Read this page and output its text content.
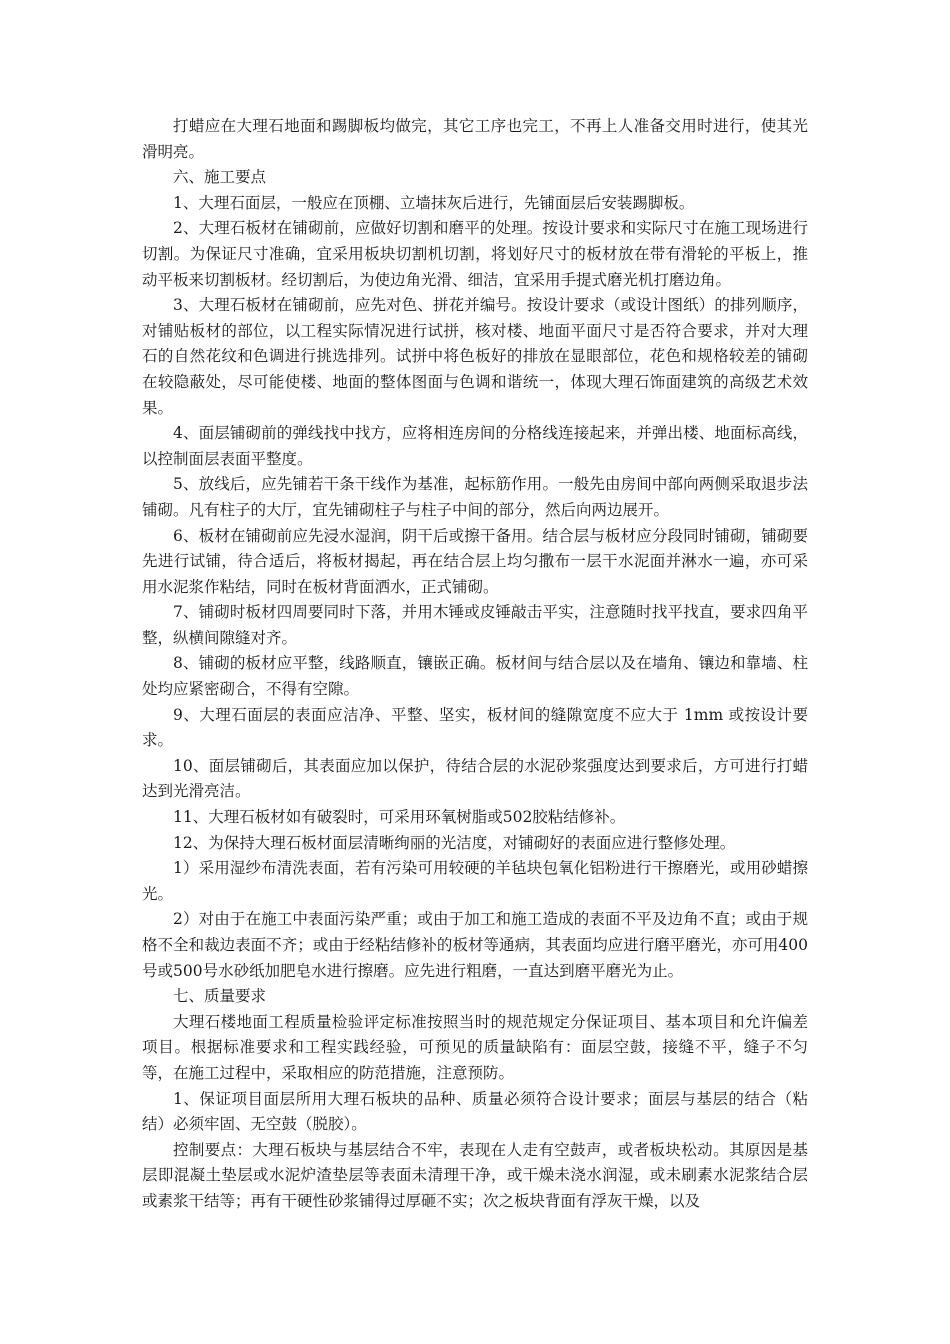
打蜡应在大理石地面和踢脚板均做完，其它工序也完工，不再上人准备交用时进行，使其光滑明亮。

六、施工要点

1、大理石面层，一般应在顶棚、立墙抹灰后进行，先铺面层后安装踢脚板。

2、大理石板材在铺砌前，应做好切割和磨平的处理。按设计要求和实际尺寸在施工现场进行切割。为保证尺寸准确，宜采用板块切割机切割，将划好尺寸的板材放在带有滑轮的平板上，推动平板来切割板材。经切割后，为使边角光滑、细洁，宜采用手提式磨光机打磨边角。

3、大理石板材在铺砌前，应先对色、拼花并编号。按设计要求（或设计图纸）的排列顺序，对铺贴板材的部位，以工程实际情况进行试拼，核对楼、地面平面尺寸是否符合要求，并对大理石的自然花纹和色调进行挑选排列。试拼中将色板好的排放在显眼部位，花色和规格较差的铺砌在较隐蔽处，尽可能使楼、地面的整体图面与色调和谐统一，体现大理石饰面建筑的高级艺术效果。

4、面层铺砌前的弹线找中找方，应将相连房间的分格线连接起来，并弹出楼、地面标高线，以控制面层表面平整度。

5、放线后，应先铺若干条干线作为基准，起标筋作用。一般先由房间中部向两侧采取退步法铺砌。凡有柱子的大厅，宜先铺砌柱子与柱子中间的部分，然后向两边展开。

6、板材在铺砌前应先浸水湿润，阴干后或擦干备用。结合层与板材应分段同时铺砌，铺砌要先进行试铺，待合适后，将板材揭起，再在结合层上均匀撒布一层干水泥面并淋水一遍，亦可采用水泥浆作粘结，同时在板材背面洒水，正式铺砌。

7、铺砌时板材四周要同时下落，并用木锤或皮锤敲击平实，注意随时找平找直，要求四角平整，纵横间隙缝对齐。

8、铺砌的板材应平整，线路顺直，镶嵌正确。板材间与结合层以及在墙角、镶边和靠墙、柱处均应紧密砌合，不得有空隙。

9、大理石面层的表面应洁净、平整、坚实，板材间的缝隙宽度不应大于 1mm 或按设计要求。

10、面层铺砌后，其表面应加以保护，待结合层的水泥砂浆强度达到要求后，方可进行打蜡达到光滑亮洁。

11、大理石板材如有破裂时，可采用环氧树脂或502胶粘结修补。

12、为保持大理石板材面层清晰绚丽的光洁度，对铺砌好的表面应进行整修处理。

1）采用湿纱布清洗表面，若有污染可用较硬的羊毡块包氧化铝粉进行干擦磨光，或用砂蜡擦光。

2）对由于在施工中表面污染严重；或由于加工和施工造成的表面不平及边角不直；或由于规格不全和裁边表面不齐；或由于经粘结修补的板材等通病，其表面均应进行磨平磨光，亦可用400号或500号水砂纸加肥皂水进行擦磨。应先进行粗磨，一直达到磨平磨光为止。

七、质量要求

大理石楼地面工程质量检验评定标准按照当时的规范规定分保证项目、基本项目和允许偏差项目。根据标准要求和工程实践经验，可预见的质量缺陷有：面层空鼓，接缝不平，缝子不匀等，在施工过程中，采取相应的防范措施，注意预防。

1、保证项目面层所用大理石板块的品种、质量必须符合设计要求；面层与基层的结合（粘结）必须牢固、无空鼓（脱胶）。

控制要点：大理石板块与基层结合不牢，表现在人走有空鼓声，或者板块松动。其原因是基层即混凝土垫层或水泥炉渣垫层等表面未清理干净，或干燥未浇水润湿，或未刷素水泥浆结合层或素浆干结等；再有干硬性砂浆铺得过厚砸不实；次之板块背面有浮灰干燥，以及
